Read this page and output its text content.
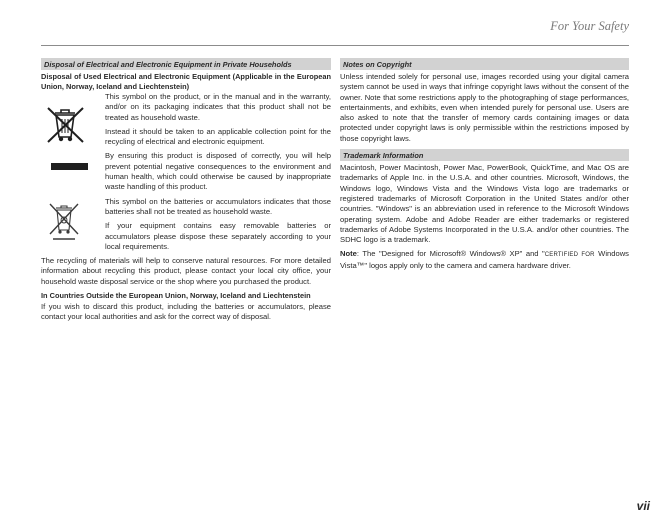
For Your Safety
Disposal of Electrical and Electronic Equipment in Private Households

Disposal of Used Electrical and Electronic Equipment (Applicable in the European Union, Norway, Iceland and Liechtenstein)

This symbol on the product, or in the manual and in the warranty, and/or on its packaging indicates that this product shall not be treated as household waste.

Instead it should be taken to an applicable collection point for the recycling of electrical and electronic equipment.

By ensuring this product is disposed of correctly, you will help prevent potential negative consequences to the environment and human health, which could otherwise be caused by inappropriate waste handling of this product.

This symbol on the batteries or accumulators indicates that those batteries shall not be treated as household waste.

If your equipment contains easy removable batteries or accumulators please dispose these separately according to your local requirements.

The recycling of materials will help to conserve natural resources. For more detailed information about recycling this product, please contact your local city office, your household waste disposal service or the shop where you purchased the product.

In Countries Outside the European Union, Norway, Iceland and Liechtenstein

If you wish to discard this product, including the batteries or accumulators, please contact your local authorities and ask for the correct way of disposal.

Notes on Copyright

Unless intended solely for personal use, images recorded using your digital camera system cannot be used in ways that infringe copyright laws without the consent of the owner. Note that some restrictions apply to the photographing of stage performances, entertainments, and exhibits, even when intended purely for personal use. Users are also asked to note that the transfer of memory cards containing images or data protected under copyright laws is only permissible within the restrictions imposed by those copyright laws.

Trademark Information

Macintosh, Power Macintosh, Power Mac, PowerBook, QuickTime, and Mac OS are trademarks of Apple Inc. in the U.S.A. and other countries. Microsoft, Windows, the Windows logo, Windows Vista and the Windows Vista logo are trademarks or registered trademarks of Microsoft Corporation in the United States and/or other countries. "Windows" is an abbreviation used in reference to the Microsoft Windows operating system. Adobe and Adobe Reader are either trademarks or registered trademarks of Adobe Systems Incorporated in the U.S.A. and/or other countries. The SDHC logo is a trademark.

Note: The "Designed for Microsoft® Windows® XP" and "CERTIFIED FOR Windows Vista™" logos apply only to the camera and camera hardware driver.

vii
